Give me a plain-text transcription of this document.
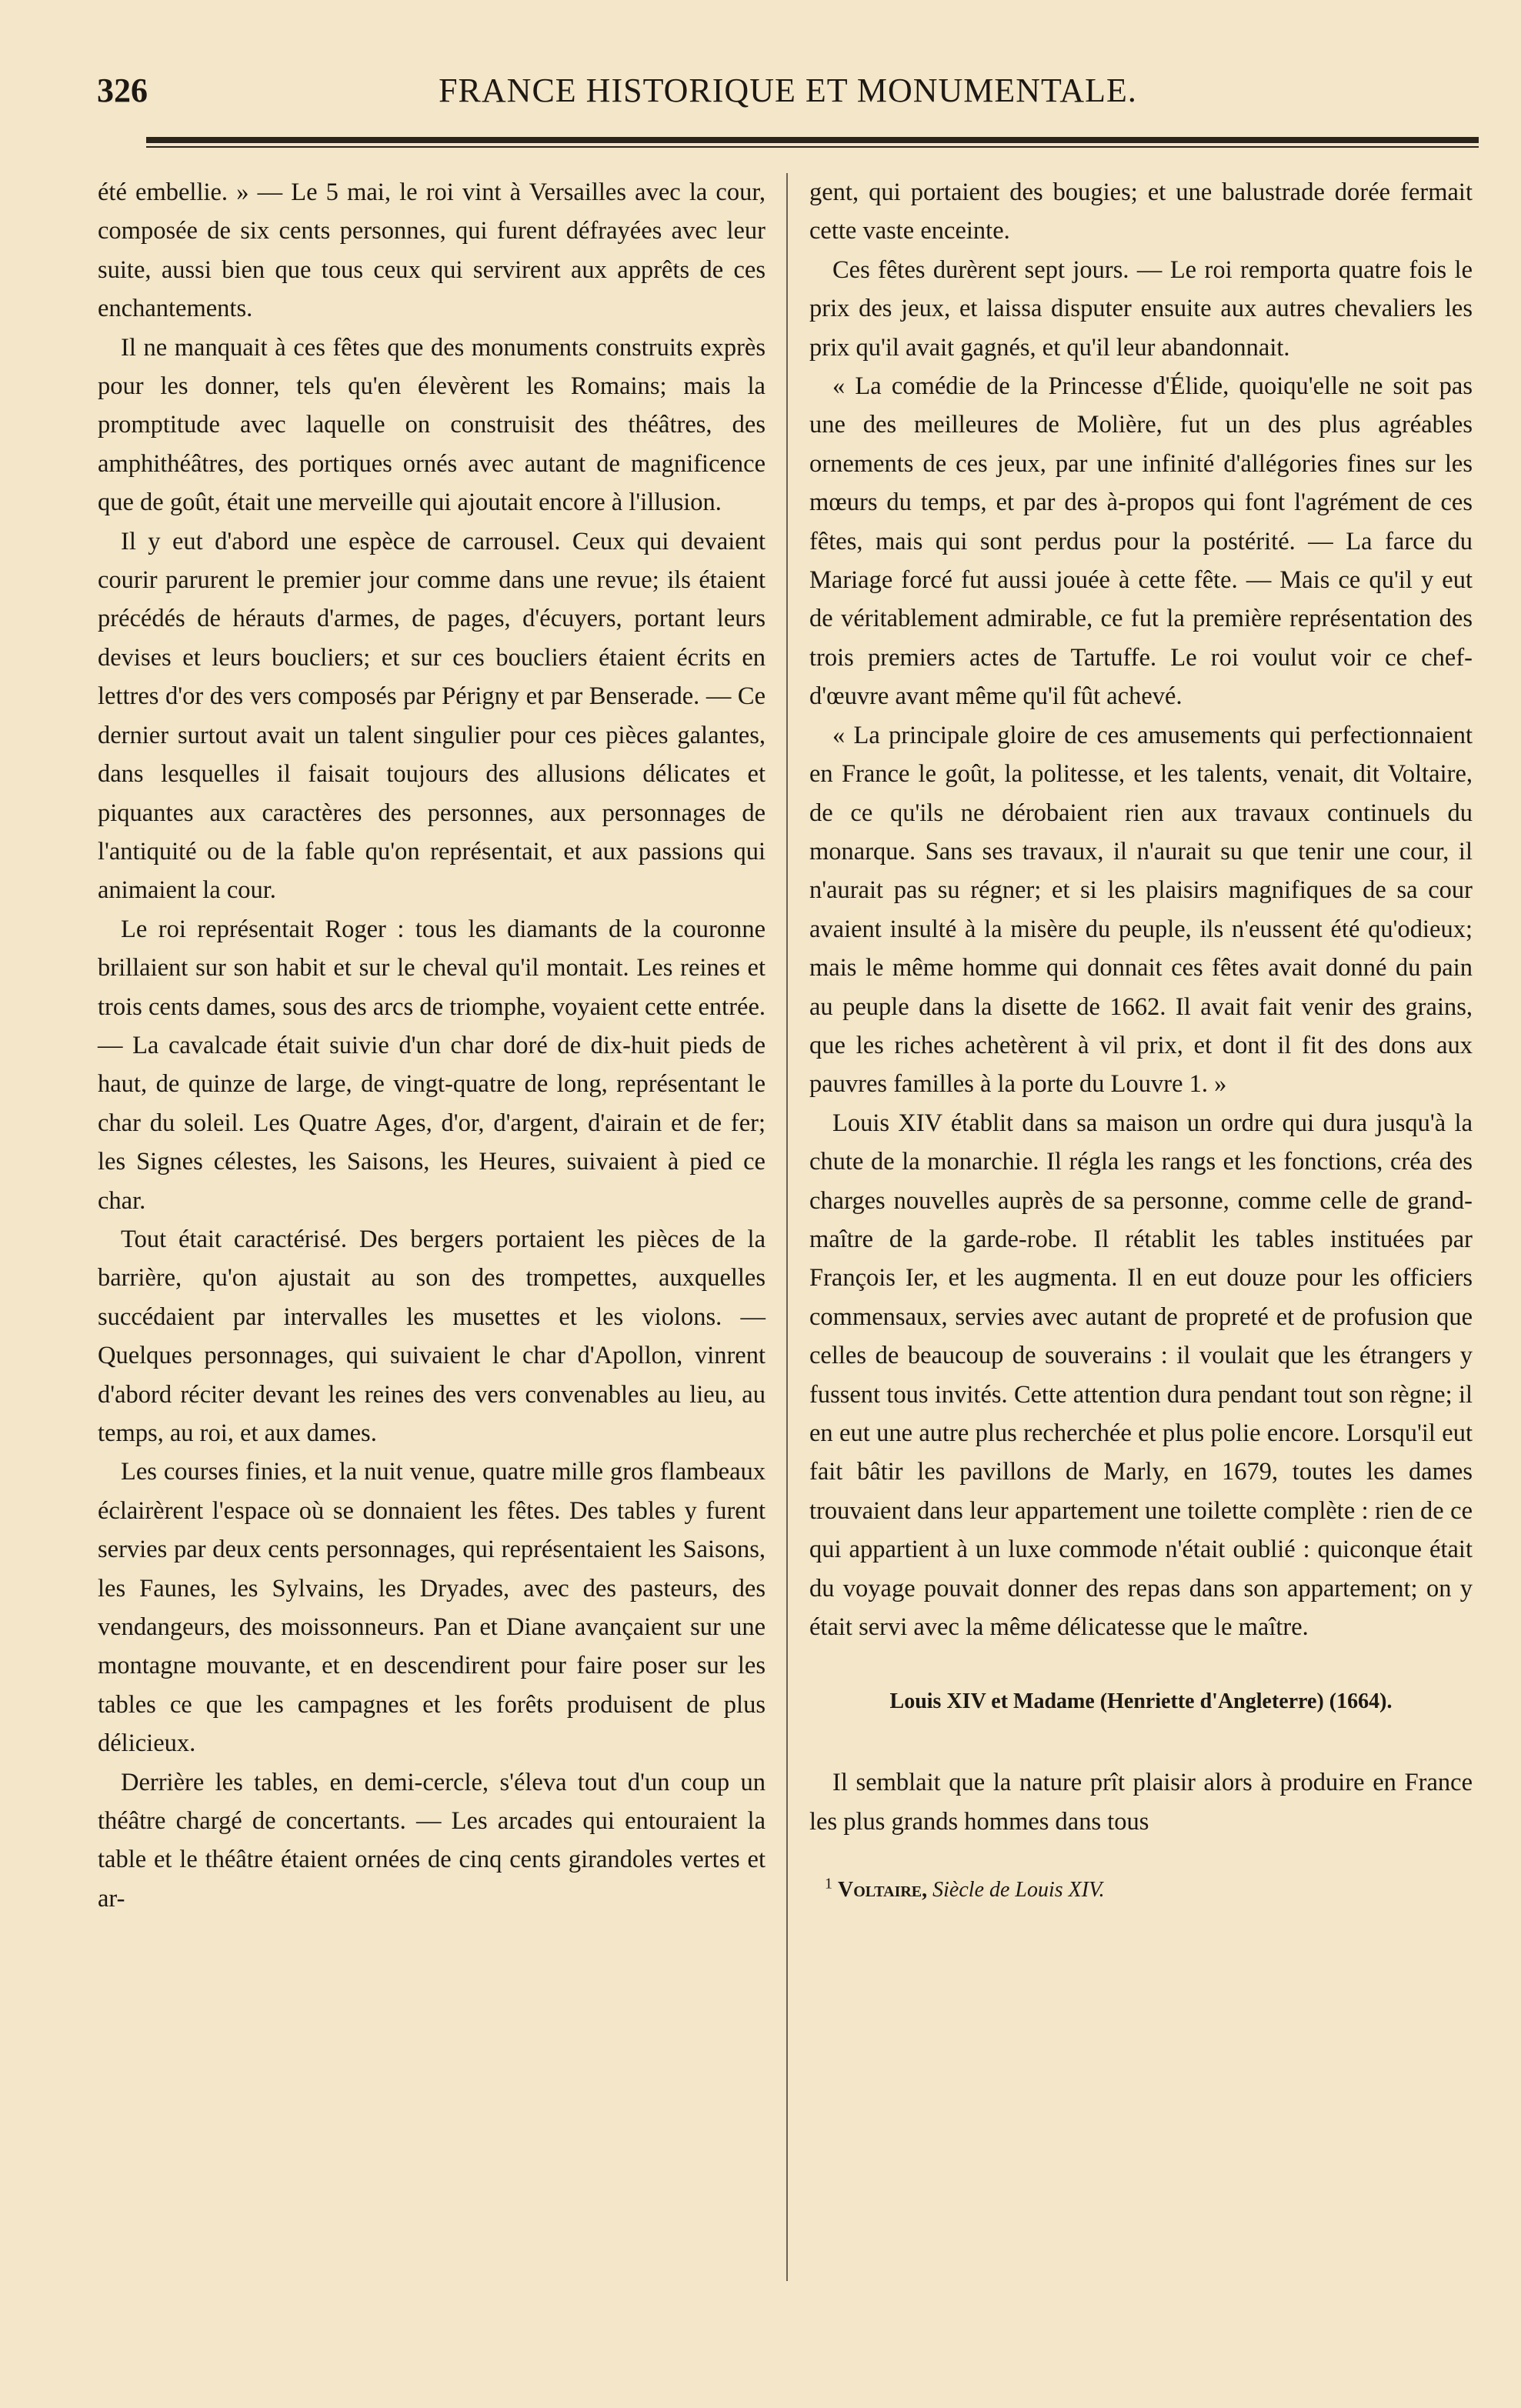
326	FRANCE HISTORIQUE ET MONUMENTALE.

été embellie. » — Le 5 mai, le roi vint à Versailles avec la cour, composée de six cents personnes, qui furent défrayées avec leur suite, aussi bien que tous ceux qui servirent aux apprêts de ces enchantements.

Il ne manquait à ces fêtes que des monuments construits exprès pour les donner, tels qu'en élevèrent les Romains; mais la promptitude avec laquelle on construisit des théâtres, des amphithéâtres, des portiques ornés avec autant de magnificence que de goût, était une merveille qui ajoutait encore à l'illusion.

Il y eut d'abord une espèce de carrousel. Ceux qui devaient courir parurent le premier jour comme dans une revue; ils étaient précédés de hérauts d'armes, de pages, d'écuyers, portant leurs devises et leurs boucliers; et sur ces boucliers étaient écrits en lettres d'or des vers composés par Périgny et par Benserade. — Ce dernier surtout avait un talent singulier pour ces pièces galantes, dans lesquelles il faisait toujours des allusions délicates et piquantes aux caractères des personnes, aux personnages de l'antiquité ou de la fable qu'on représentait, et aux passions qui animaient la cour.

Le roi représentait Roger : tous les diamants de la couronne brillaient sur son habit et sur le cheval qu'il montait. Les reines et trois cents dames, sous des arcs de triomphe, voyaient cette entrée. — La cavalcade était suivie d'un char doré de dix-huit pieds de haut, de quinze de large, de vingt-quatre de long, représentant le char du soleil. Les Quatre Ages, d'or, d'argent, d'airain et de fer; les Signes célestes, les Saisons, les Heures, suivaient à pied ce char.

Tout était caractérisé. Des bergers portaient les pièces de la barrière, qu'on ajustait au son des trompettes, auxquelles succédaient par intervalles les musettes et les violons. — Quelques personnages, qui suivaient le char d'Apollon, vinrent d'abord réciter devant les reines des vers convenables au lieu, au temps, au roi, et aux dames.

Les courses finies, et la nuit venue, quatre mille gros flambeaux éclairèrent l'espace où se donnaient les fêtes. Des tables y furent servies par deux cents personnages, qui représentaient les Saisons, les Faunes, les Sylvains, les Dryades, avec des pasteurs, des vendangeurs, des moissonneurs. Pan et Diane avançaient sur une montagne mouvante, et en descendirent pour faire poser sur les tables ce que les campagnes et les forêts produisent de plus délicieux.

Derrière les tables, en demi-cercle, s'éleva tout d'un coup un théâtre chargé de concertants. — Les arcades qui entouraient la table et le théâtre étaient ornées de cinq cents girandoles vertes et ar-

gent, qui portaient des bougies; et une balustrade dorée fermait cette vaste enceinte.

Ces fêtes durèrent sept jours. — Le roi remporta quatre fois le prix des jeux, et laissa disputer ensuite aux autres chevaliers les prix qu'il avait gagnés, et qu'il leur abandonnait.

« La comédie de la Princesse d'Élide, quoiqu'elle ne soit pas une des meilleures de Molière, fut un des plus agréables ornements de ces jeux, par une infinité d'allégories fines sur les mœurs du temps, et par des à-propos qui font l'agrément de ces fêtes, mais qui sont perdus pour la postérité. — La farce du Mariage forcé fut aussi jouée à cette fête. — Mais ce qu'il y eut de véritablement admirable, ce fut la première représentation des trois premiers actes de Tartuffe. Le roi voulut voir ce chef-d'œuvre avant même qu'il fût achevé.

« La principale gloire de ces amusements qui perfectionnaient en France le goût, la politesse, et les talents, venait, dit Voltaire, de ce qu'ils ne dérobaient rien aux travaux continuels du monarque. Sans ses travaux, il n'aurait su que tenir une cour, il n'aurait pas su régner; et si les plaisirs magnifiques de sa cour avaient insulté à la misère du peuple, ils n'eussent été qu'odieux; mais le même homme qui donnait ces fêtes avait donné du pain au peuple dans la disette de 1662. Il avait fait venir des grains, que les riches achetèrent à vil prix, et dont il fit des dons aux pauvres familles à la porte du Louvre 1. »

Louis XIV établit dans sa maison un ordre qui dura jusqu'à la chute de la monarchie. Il régla les rangs et les fonctions, créa des charges nouvelles auprès de sa personne, comme celle de grand-maître de la garde-robe. Il rétablit les tables instituées par François Ier, et les augmenta. Il en eut douze pour les officiers commensaux, servies avec autant de propreté et de profusion que celles de beaucoup de souverains : il voulait que les étrangers y fussent tous invités. Cette attention dura pendant tout son règne; il en eut une autre plus recherchée et plus polie encore. Lorsqu'il eut fait bâtir les pavillons de Marly, en 1679, toutes les dames trouvaient dans leur appartement une toilette complète : rien de ce qui appartient à un luxe commode n'était oublié : quiconque était du voyage pouvait donner des repas dans son appartement; on y était servi avec la même délicatesse que le maître.

Louis XIV et Madame (Henriette d'Angleterre) (1664).

Il semblait que la nature prît plaisir alors à produire en France les plus grands hommes dans tous

$^1$ Voltaire, Siècle de Louis XIV.
